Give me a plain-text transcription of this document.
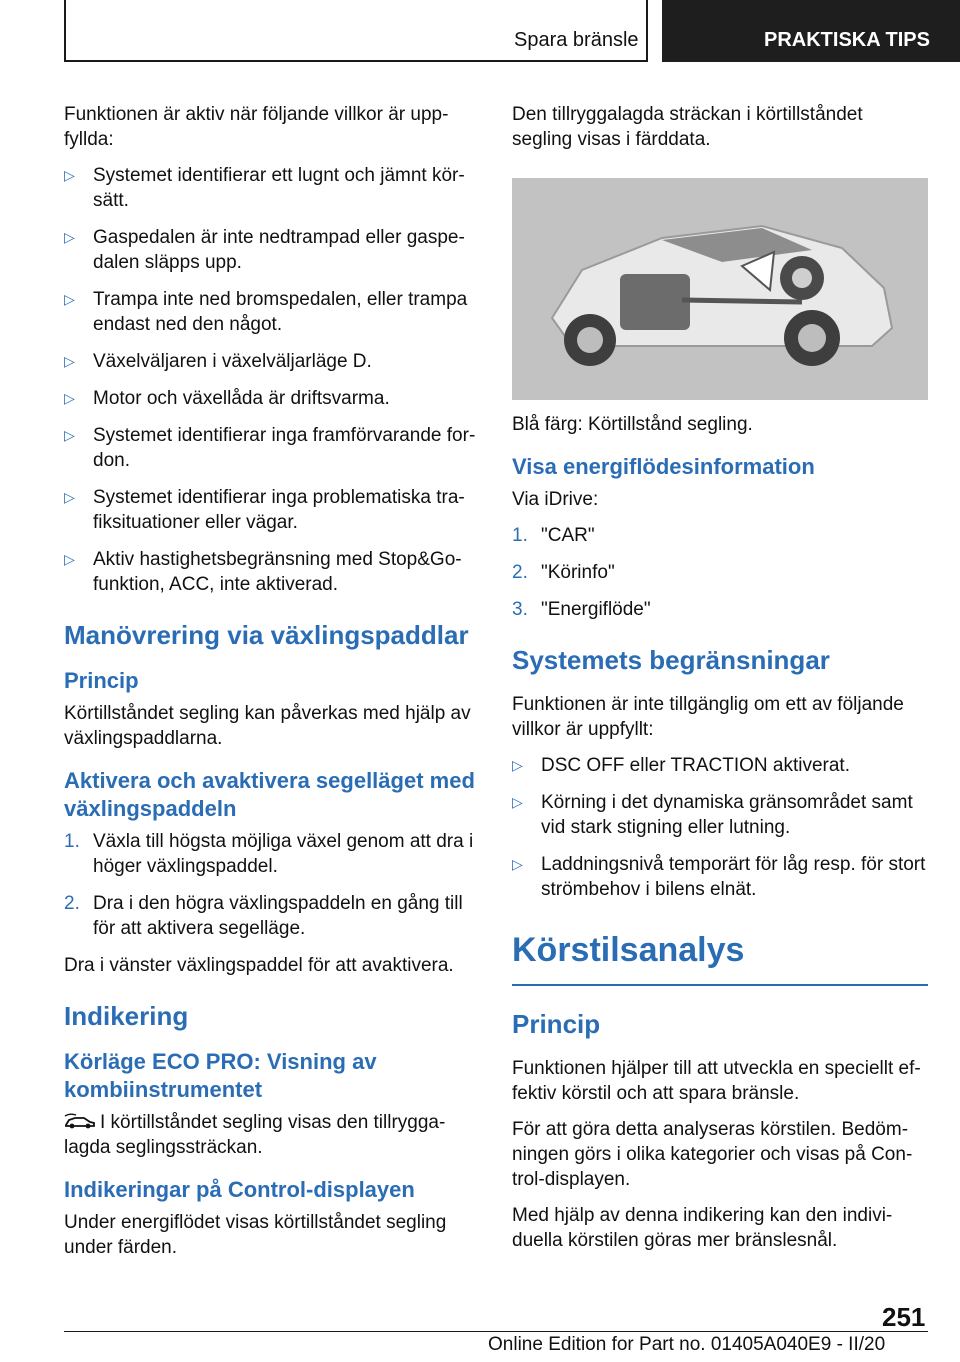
Spara bränsle	PRAKTISKA TIPS

Funktionen är aktiv när följande villkor är upp-fyllda:

▷ Systemet identifierar ett lugnt och jämnt kör-sätt.
▷ Gaspedalen är inte nedtrampad eller gaspe-dalen släpps upp.
▷ Trampa inte ned bromspedalen, eller trampa endast ned den något.
▷ Växelväljaren i växelväljarläge D.
▷ Motor och växellåda är driftsvarma.
▷ Systemet identifierar inga framförvarande for-don.
▷ Systemet identifierar inga problematiska tra-fiksituationer eller vägar.
▷ Aktiv hastighetsbegränsning med Stop&Go-funktion, ACC, inte aktiverad.
Manövrering via växlingspaddlar
Princip

Körtillståndet segling kan påverkas med hjälp av växlingspaddlarna.

Aktivera och avaktivera segelläget med växlingspaddeln
1. Växla till högsta möjliga växel genom att dra i höger växlingspaddel.
2. Dra i den högra växlingspaddeln en gång till för att aktivera segelläge.

Dra i vänster växlingspaddel för att avaktivera.

Indikering
Körläge ECO PRO: Visning av kombiinstrumentet

I körtillståndet segling visas den tillrygga-lagda seglingssträckan.

Indikeringar på Control-displayen

Under energiflödet visas körtillståndet segling under färden.

Den tillryggalagda sträckan i körtillståndet segling visas i färddata.

Blå färg: Körtillstånd segling.

Visa energiflödesinformation

Via iDrive:

1. "CAR"
2. "Körinfo"
3. "Energiflöde"
Systemets begränsningar

Funktionen är inte tillgänglig om ett av följande villkor är uppfyllt:

▷ DSC OFF eller TRACTION aktiverat.
▷ Körning i det dynamiska gränsområdet samt vid stark stigning eller lutning.
▷ Laddningsnivå temporärt för låg resp. för stort strömbehov i bilens elnät.
Körstilsanalys
Princip

Funktionen hjälper till att utveckla en speciellt ef-fektiv körstil och att spara bränsle.

För att göra detta analyseras körstilen. Bedöm-ningen görs i olika kategorier och visas på Con-trol-displayen.

Med hjälp av denna indikering kan den indivi-duella körstilen göras mer bränslesnål.

251
Online Edition for Part no. 01405A040E9 - II/20
